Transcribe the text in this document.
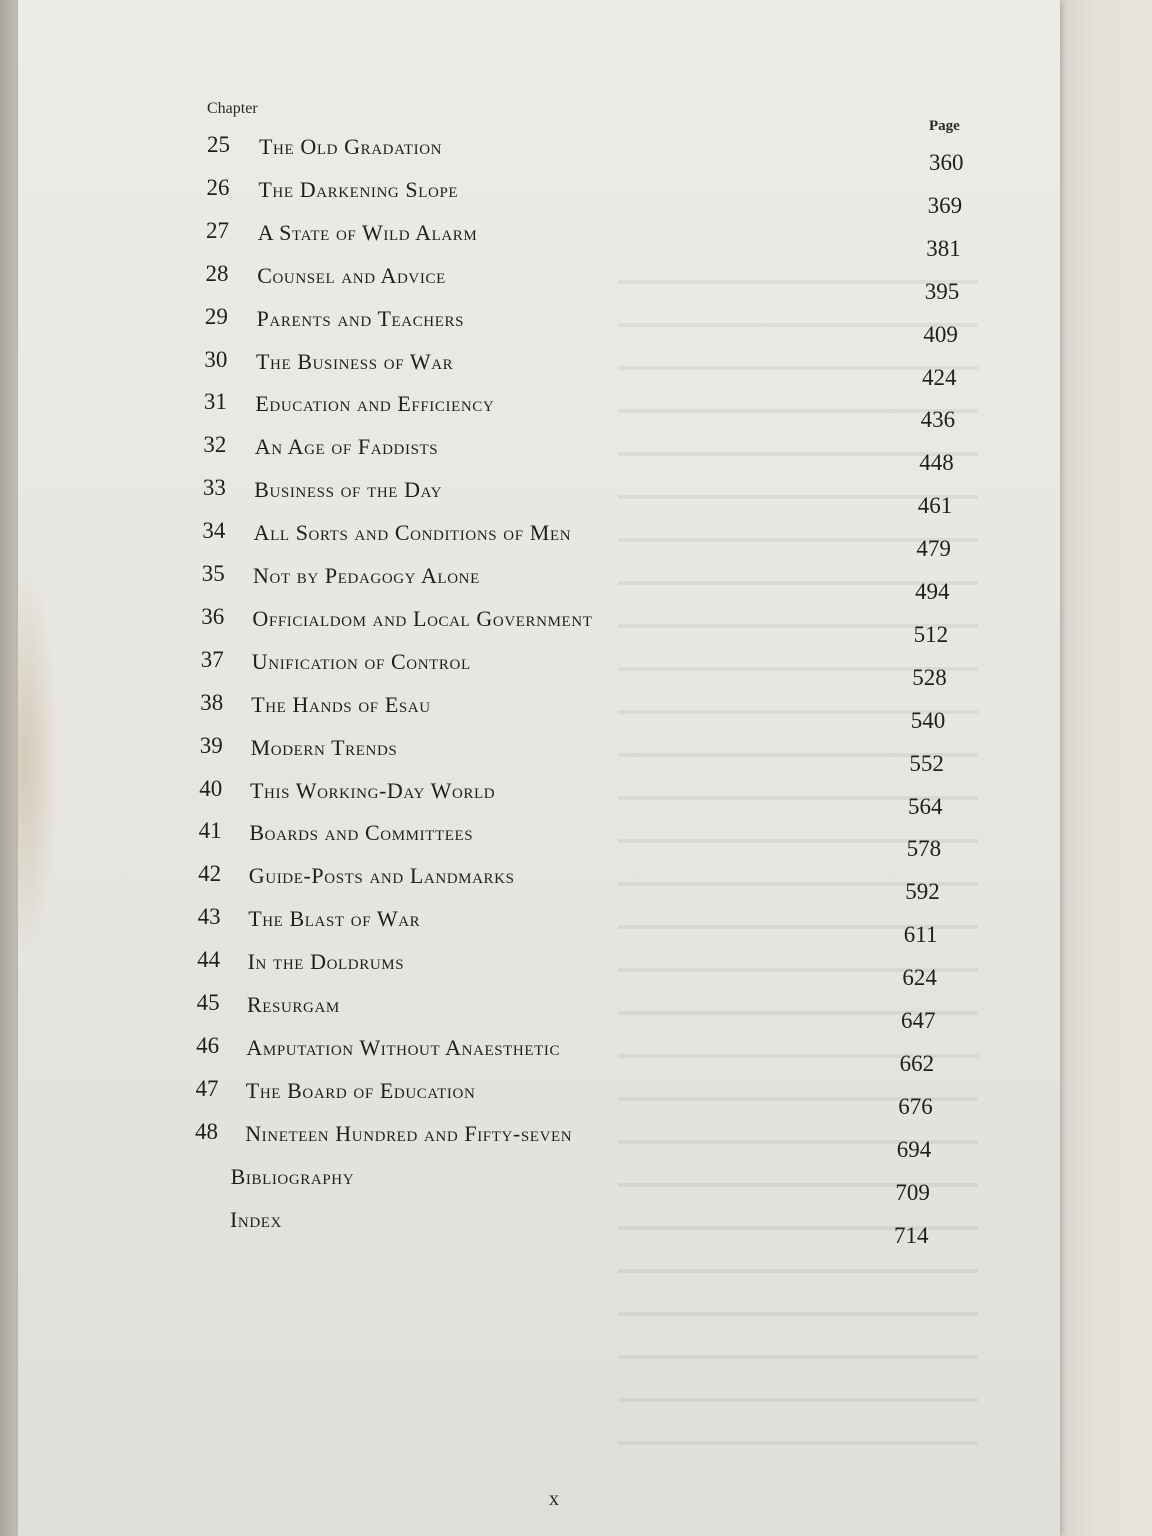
Chapter
Page
25 The Old Gradation
360
26 The Darkening Slope
369
27 A State of Wild Alarm
381
28 Counsel and Advice
395
29 Parents and Teachers
409
30 The Business of War
424
31 Education and Efficiency
436
32 An Age of Faddists
448
33 Business of the Day
461
34 All Sorts and Conditions of Men
479
35 Not by Pedagogy Alone
494
36 Officialdom and Local Government
512
37 Unification of Control
528
38 The Hands of Esau
540
39 Modern Trends
552
40 This Working-Day World
564
41 Boards and Committees
578
42 Guide-Posts and Landmarks
592
43 The Blast of War
611
44 In the Doldrums
624
45 Resurgam
647
46 Amputation Without Anaesthetic
662
47 The Board of Education
676
48 Nineteen Hundred and Fifty-seven
694
Bibliography
709
Index
714
x
